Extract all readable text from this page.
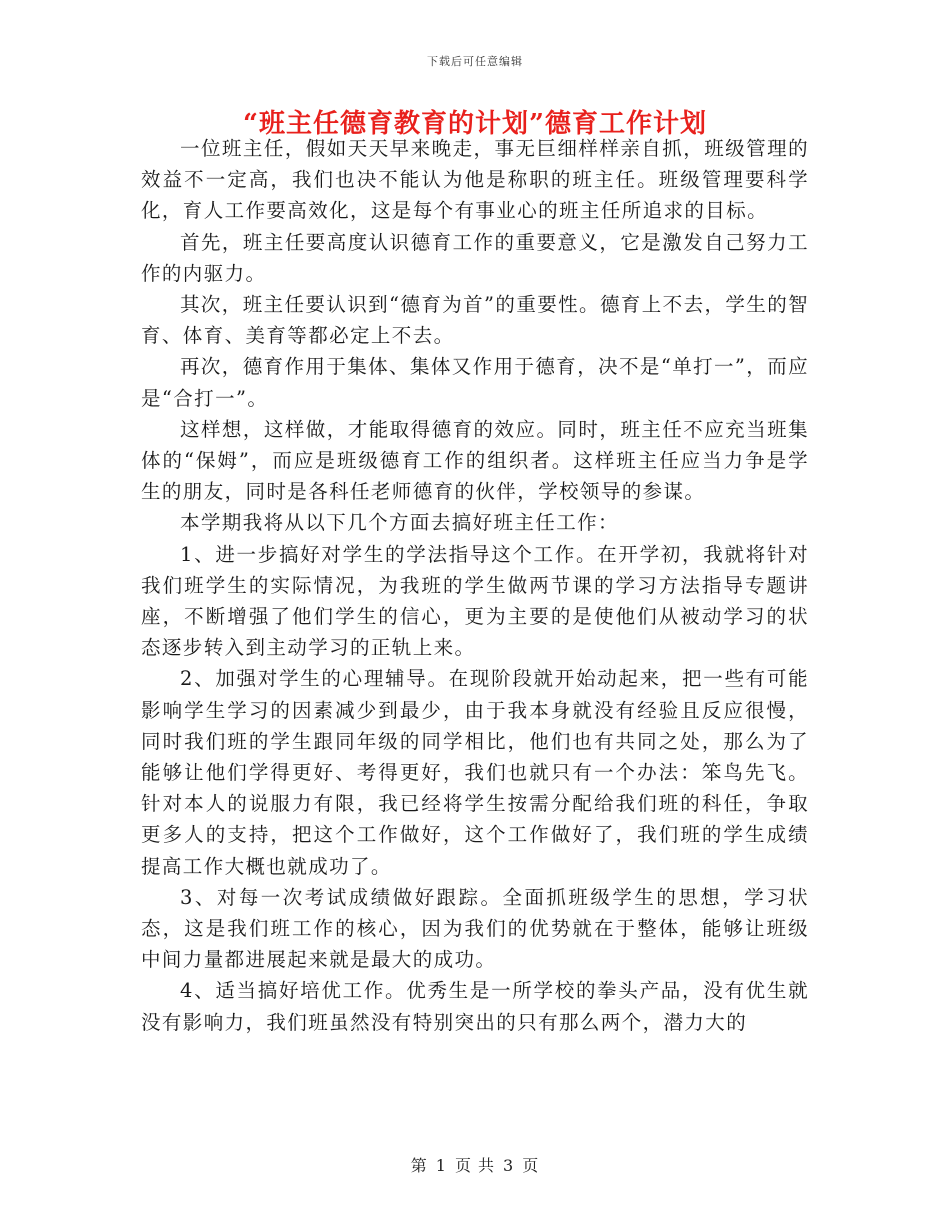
下载后可任意编辑
“班主任德育教育的计划”德育工作计划

一位班主任，假如天天早来晚走，事无巨细样样亲自抓，班级管理的效益不一定高，我们也决不能认为他是称职的班主任。班级管理要科学化，育人工作要高效化，这是每个有事业心的班主任所追求的目标。

首先，班主任要高度认识德育工作的重要意义，它是激发自己努力工作的内驱力。

其次，班主任要认识到“德育为首”的重要性。德育上不去，学生的智育、体育、美育等都必定上不去。

再次，德育作用于集体、集体又作用于德育，决不是“单打一”，而应是“合打一”。

这样想，这样做，才能取得德育的效应。同时，班主任不应充当班集体的“保姆”，而应是班级德育工作的组织者。这样班主任应当力争是学生的朋友，同时是各科任老师德育的伙伴，学校领导的参谋。

本学期我将从以下几个方面去搞好班主任工作：

1、进一步搞好对学生的学法指导这个工作。在开学初，我就将针对我们班学生的实际情况，为我班的学生做两节课的学习方法指导专题讲座，不断增强了他们学生的信心，更为主要的是使他们从被动学习的状态逐步转入到主动学习的正轨上来。

2、加强对学生的心理辅导。在现阶段就开始动起来，把一些有可能影响学生学习的因素减少到最少，由于我本身就没有经验且反应很慢，同时我们班的学生跟同年级的同学相比，他们也有共同之处，那么为了能够让他们学得更好、考得更好，我们也就只有一个办法：笨鸟先飞。针对本人的说服力有限，我已经将学生按需分配给我们班的科任，争取更多人的支持，把这个工作做好，这个工作做好了，我们班的学生成绩提高工作大概也就成功了。

3、对每一次考试成绩做好跟踪。全面抓班级学生的思想，学习状态，这是我们班工作的核心，因为我们的优势就在于整体，能够让班级中间力量都进展起来就是最大的成功。

4、适当搞好培优工作。优秀生是一所学校的拳头产品，没有优生就没有影响力，我们班虽然没有特别突出的只有那么两个，潜力大的

第 1 页 共 3 页
